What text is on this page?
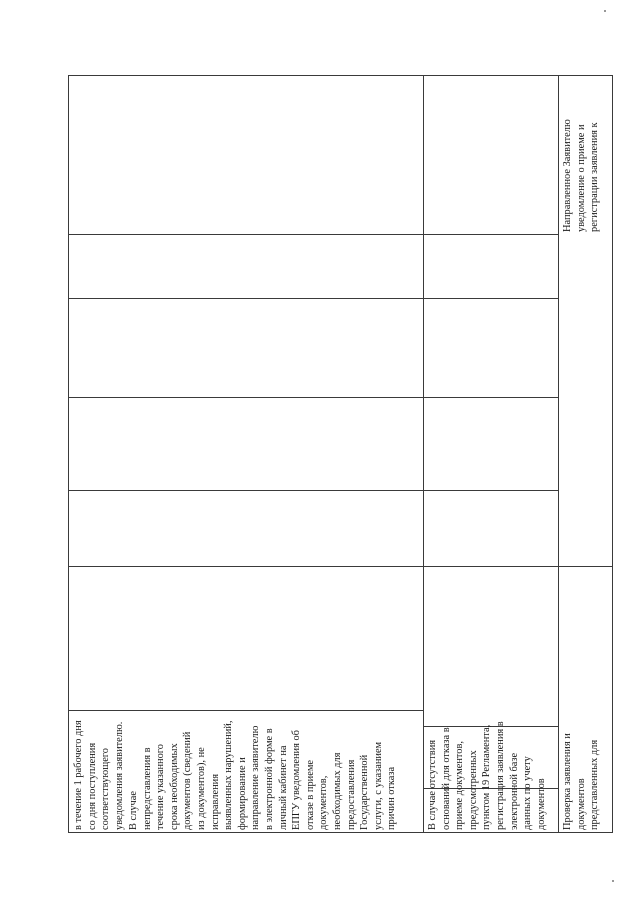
в течение 1 рабочего дня
со дня поступления
соответствующего
уведомления заявителю.
В случае
непредставления в
течение указанного
срока необходимых
документов (сведений
из документов), не
исправления
выявленных нарушений,
формирование и
направление заявителю
в электронной форме в
личный кабинет на
ЕПГУ уведомления об
отказе в приеме
документов,
необходимых для
предоставления
Государственной
услуги, с указанием
причин отказа
В случае отсутствия
оснований для отказа в
приеме документов,
предусмотренных
пунктом 19 Регламента,
регистрация заявления в
электронной базе
данных по учету
документов Проверка заявления и
документов
представленных для
Направленное Заявителю
уведомление о приеме и
регистрации заявления к
